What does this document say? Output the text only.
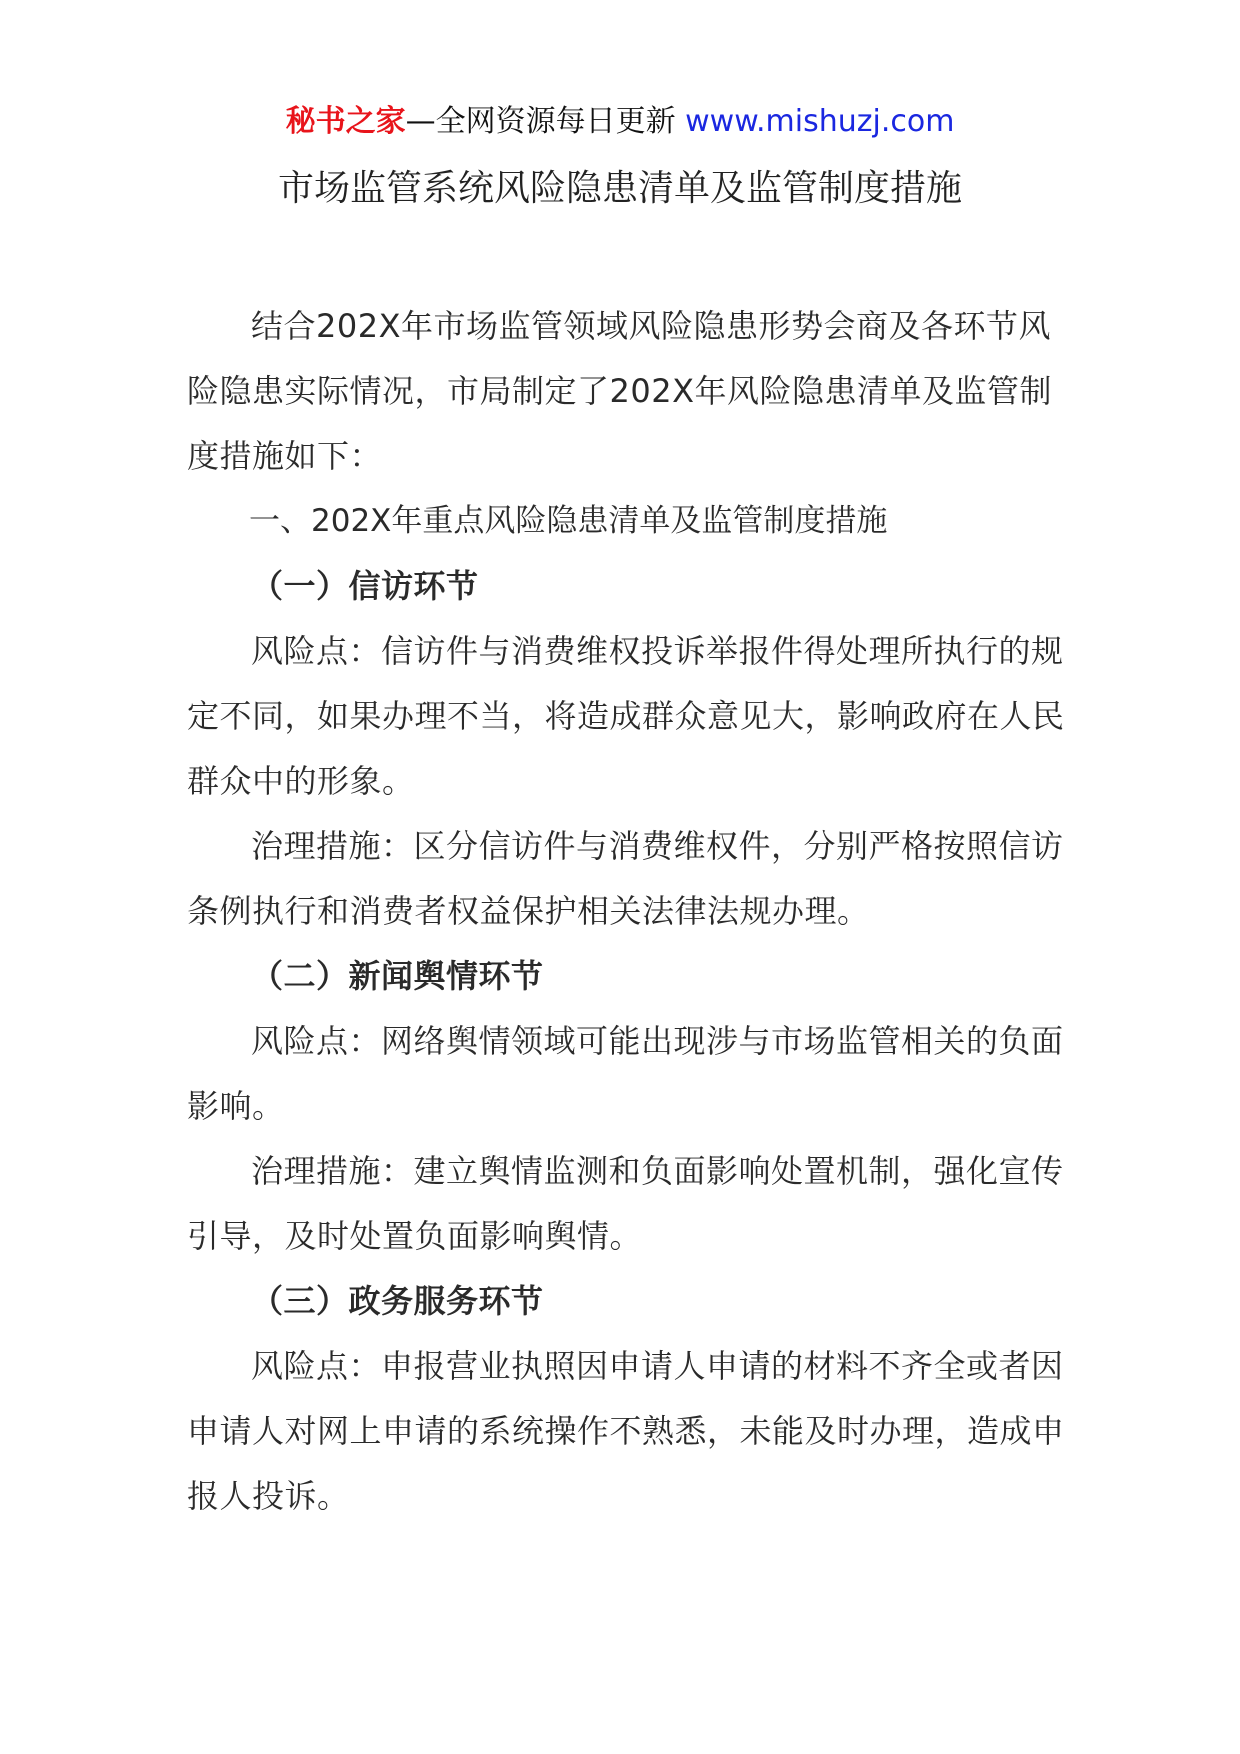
秘书之家—全网资源每日更新 www.mishuzj.com
市场监管系统风险隐患清单及监管制度措施

结合202X年市场监管领域风险隐患形势会商及各环节风险隐患实际情况，市局制定了202X年风险隐患清单及监管制度措施如下：

一、202X年重点风险隐患清单及监管制度措施

（一）信访环节

风险点：信访件与消费维权投诉举报件得处理所执行的规定不同，如果办理不当，将造成群众意见大，影响政府在人民群众中的形象。

治理措施：区分信访件与消费维权件，分别严格按照信访条例执行和消费者权益保护相关法律法规办理。

（二）新闻舆情环节

风险点：网络舆情领域可能出现涉与市场监管相关的负面影响。

治理措施：建立舆情监测和负面影响处置机制，强化宣传引导，及时处置负面影响舆情。

（三）政务服务环节

风险点：申报营业执照因申请人申请的材料不齐全或者因申请人对网上申请的系统操作不熟悉，未能及时办理，造成申报人投诉。
